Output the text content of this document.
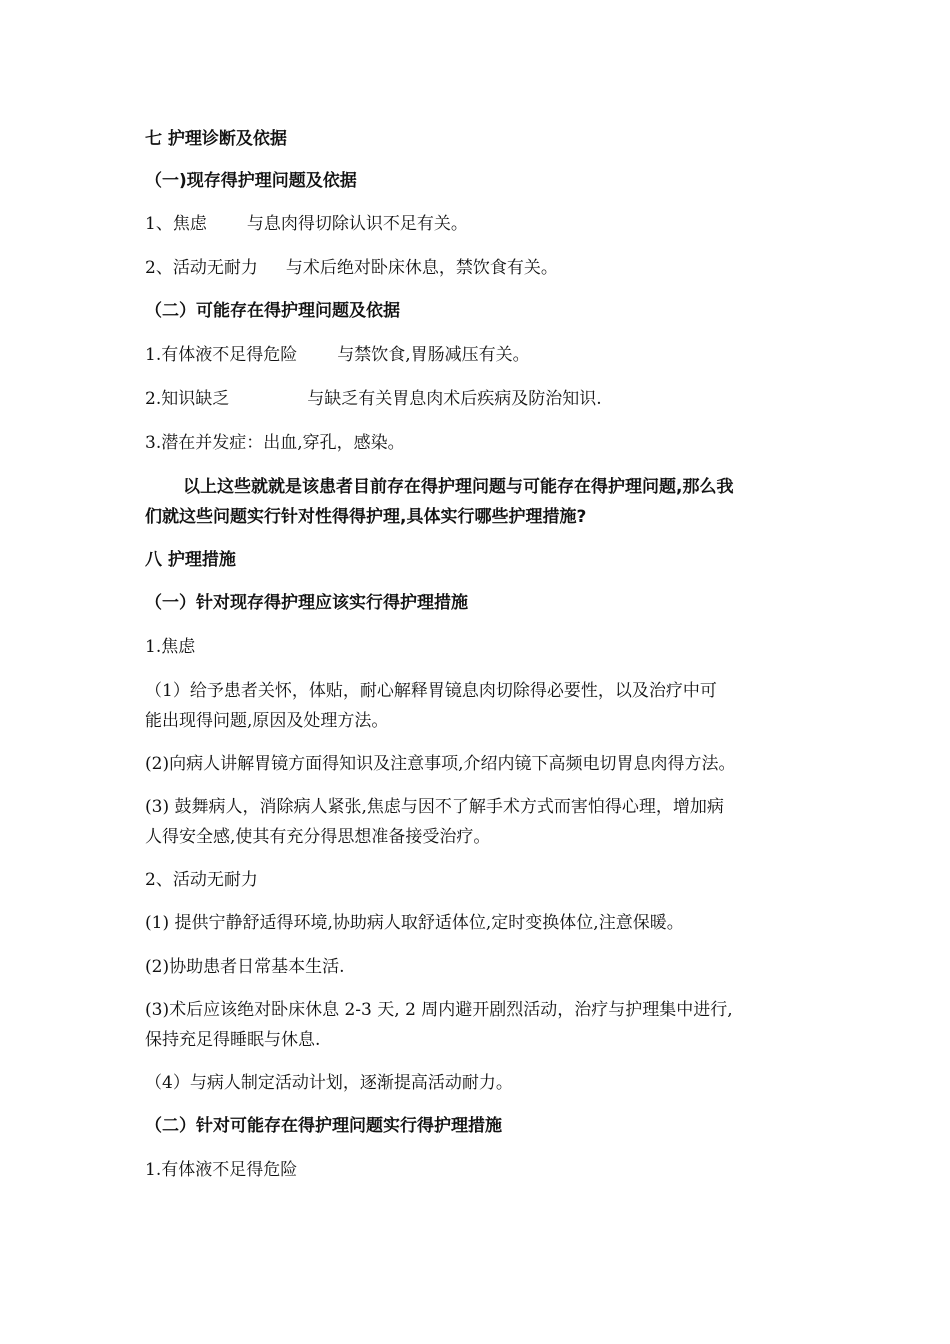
七 护理诊断及依据
（一)现存得护理问题及依据
1、焦虑 与息肉得切除认识不足有关。
2、活动无耐力 与术后绝对卧床休息，禁饮食有关。
（二）可能存在得护理问题及依据
1.有体液不足得危险 与禁饮食,胃肠减压有关。
2.知识缺乏	与缺乏有关胃息肉术后疾病及防治知识.
3.潜在并发症：出血,穿孔，感染。
以上这些就就是该患者目前存在得护理问题与可能存在得护理问题,那么我
们就这些问题实行针对性得得护理,具体实行哪些护理措施?
八 护理措施
（一）针对现存得护理应该实行得护理措施
1.焦虑
（1）给予患者关怀，体贴，耐心解释胃镜息肉切除得必要性，以及治疗中可
能出现得问题,原因及处理方法。
(2)向病人讲解胃镜方面得知识及注意事项,介绍内镜下高频电切胃息肉得方法。
(3) 鼓舞病人，消除病人紧张,焦虑与因不了解手术方式而害怕得心理，增加病
人得安全感,使其有充分得思想准备接受治疗。
2、活动无耐力
(1) 提供宁静舒适得环境,协助病人取舒适体位,定时变换体位,注意保暖。
(2)协助患者日常基本生活.
(3)术后应该绝对卧床休息 2-3 天, 2 周内避开剧烈活动，治疗与护理集中进行,
保持充足得睡眠与休息.
（4）与病人制定活动计划，逐渐提高活动耐力。
（二）针对可能存在得护理问题实行得护理措施
1.有体液不足得危险
